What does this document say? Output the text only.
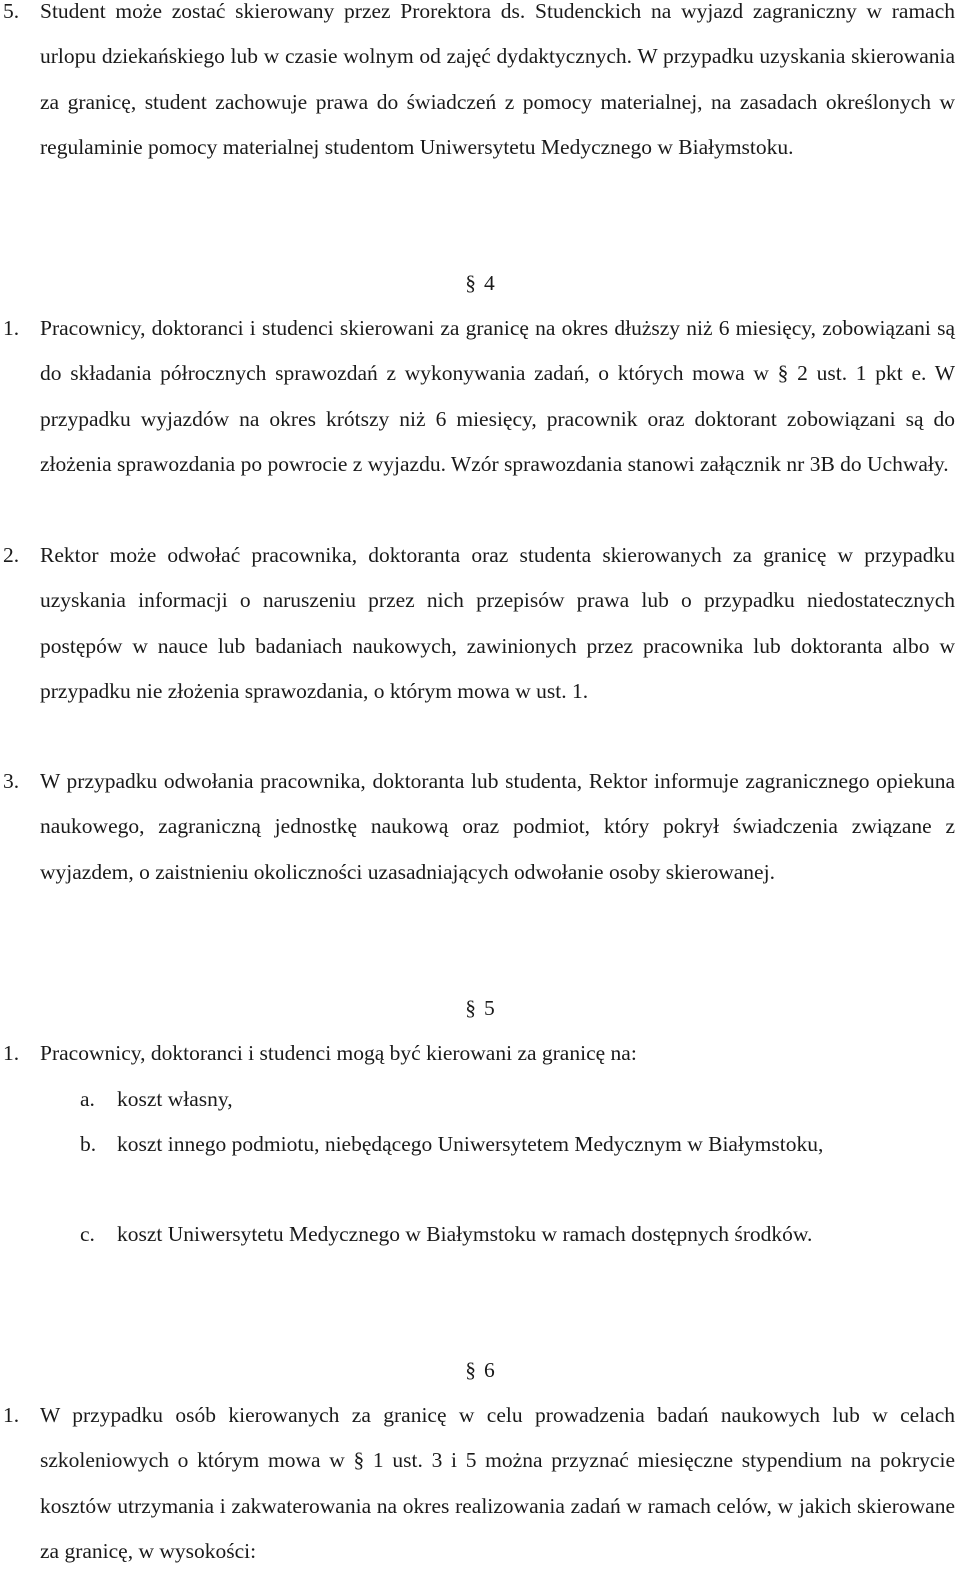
5. Student może zostać skierowany przez Prorektora ds. Studenckich na wyjazd zagraniczny w ramach urlopu dziekańskiego lub w czasie wolnym od zajęć dydaktycznych. W przypadku uzyskania skierowania za granicę, student zachowuje prawa do świadczeń z pomocy materialnej, na zasadach określonych w regulaminie pomocy materialnej studentom Uniwersytetu Medycznego w Białymstoku.
§ 4
1. Pracownicy, doktoranci i studenci skierowani za granicę na okres dłuższy niż 6 miesięcy, zobowiązani są do składania półrocznych sprawozdań z wykonywania zadań, o których mowa w § 2 ust. 1 pkt e. W przypadku wyjazdów na okres krótszy niż 6 miesięcy, pracownik oraz doktorant zobowiązani są do złożenia sprawozdania po powrocie z wyjazdu. Wzór sprawozdania stanowi załącznik nr 3B do Uchwały.
2. Rektor może odwołać pracownika, doktoranta oraz studenta skierowanych za granicę w przypadku uzyskania informacji o naruszeniu przez nich przepisów prawa lub o przypadku niedostatecznych postępów w nauce lub badaniach naukowych, zawinionych przez pracownika lub doktoranta albo w przypadku nie złożenia sprawozdania, o którym mowa w ust. 1.
3. W przypadku odwołania pracownika, doktoranta lub studenta, Rektor informuje zagranicznego opiekuna naukowego, zagraniczną jednostkę naukową oraz podmiot, który pokrył świadczenia związane z wyjazdem, o zaistnieniu okoliczności uzasadniających odwołanie osoby skierowanej.
§ 5
1. Pracownicy, doktoranci i studenci mogą być kierowani za granicę na:
a. koszt własny,
b. koszt innego podmiotu, niebędącego Uniwersytetem Medycznym w Białymstoku,
c. koszt Uniwersytetu Medycznego w Białymstoku w ramach dostępnych środków.
§ 6
1. W przypadku osób kierowanych za granicę w celu prowadzenia badań naukowych lub w celach szkoleniowych o którym mowa w § 1 ust. 3 i 5 można przyznać miesięczne stypendium na pokrycie kosztów utrzymania i zakwaterowania na okres realizowania zadań w ramach celów, w jakich skierowane za granicę, w wysokości:
